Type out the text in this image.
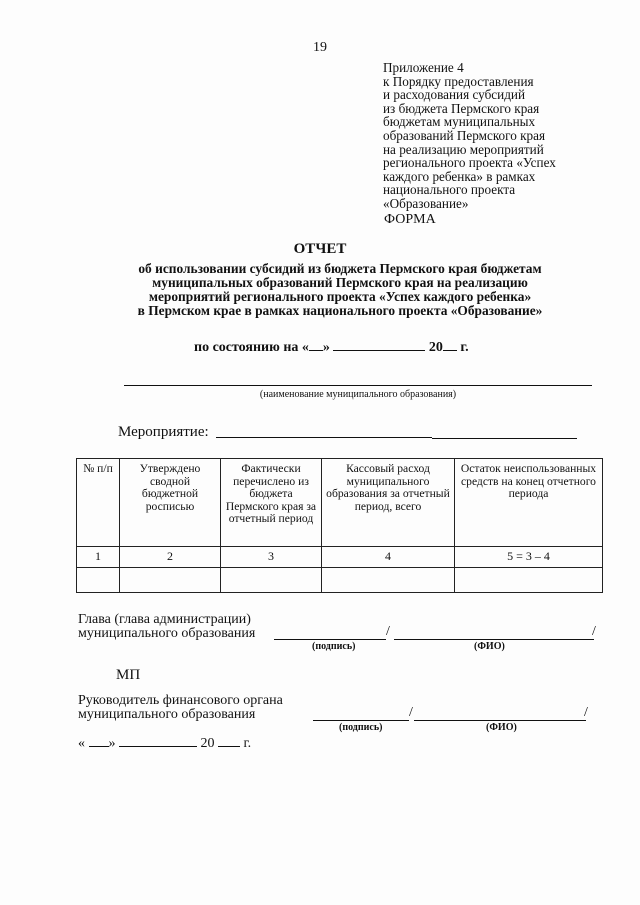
19
Приложение 4
к Порядку предоставления
и расходования субсидий
из бюджета Пермского края
бюджетам муниципальных
образований Пермского края
на реализацию мероприятий
регионального проекта «Успех
каждого ребенка» в рамках
национального проекта
«Образование»
ФОРМА
ОТЧЕТ
об использовании субсидий из бюджета Пермского края бюджетам
муниципальных образований Пермского края на реализацию
мероприятий регионального проекта «Успех каждого ребенка»
в Пермском крае в рамках национального проекта «Образование»
по состоянию на « »	20 г.
(наименование муниципального образования)
Мероприятие:
№ п/п	Утверждено сводной бюджетной росписью	Фактически перечислено из бюджета Пермского края за отчетный период	Кассовый расход муниципального образования за отчетный период, всего	Остаток неиспользованных средств на конец отчетного периода
1	2	3	4	5 = 3 – 4

Глава (глава администрации)
муниципального образования	/	/
(подпись)	(ФИО)
МП
Руководитель финансового органа
муниципального образования	/	/
(подпись)	(ФИО)
« »	20 г.
